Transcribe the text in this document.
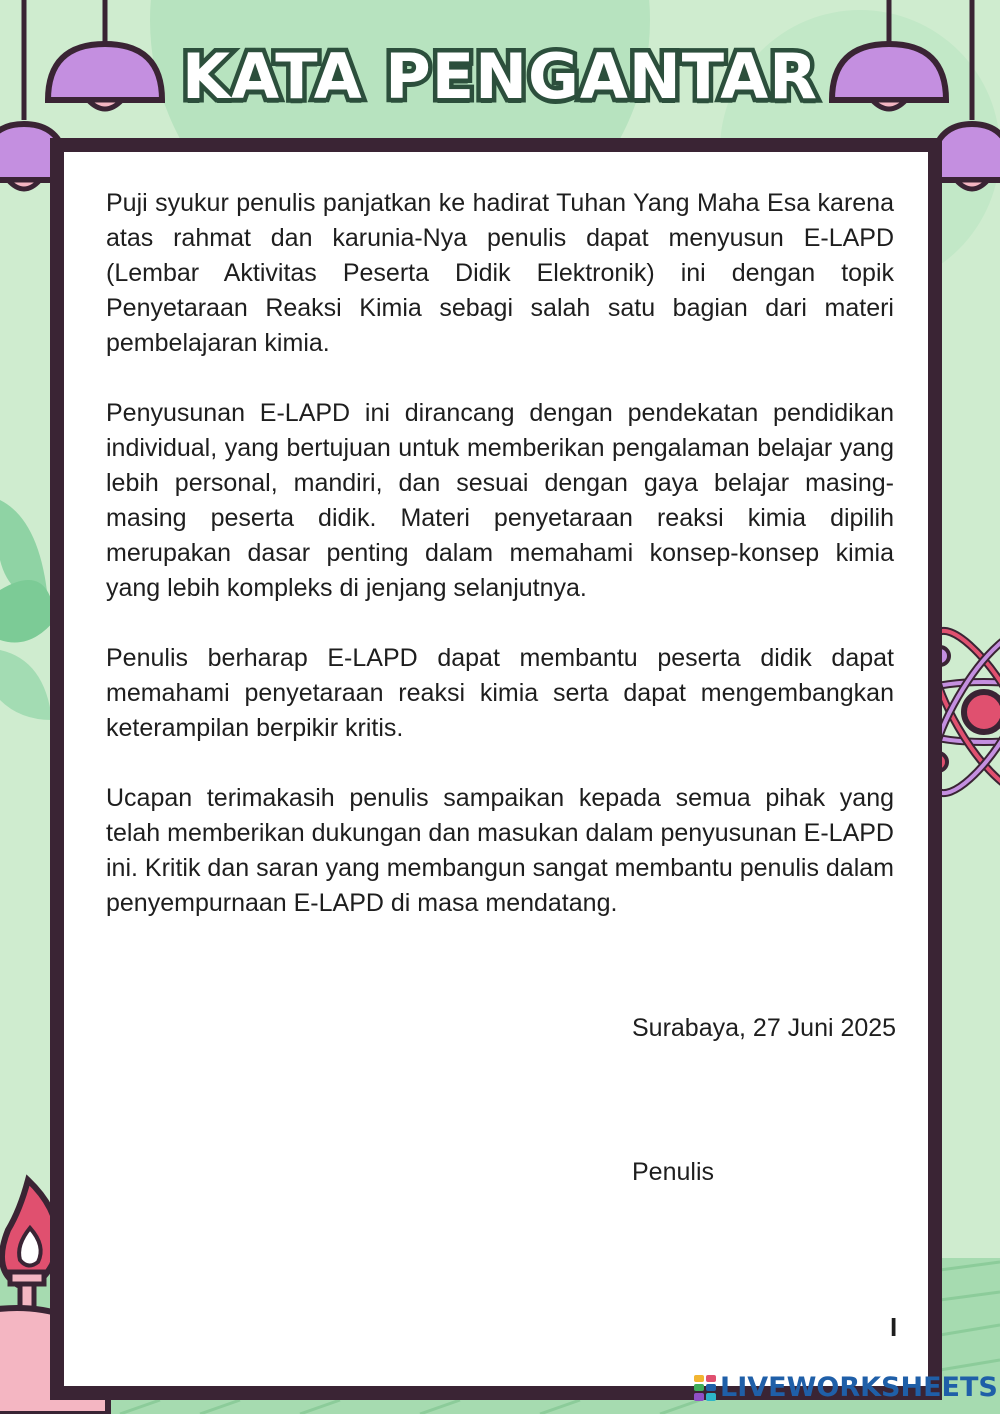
KATA PENGANTAR

Puji syukur penulis panjatkan ke hadirat Tuhan Yang Maha Esa karena atas rahmat dan karunia-Nya penulis dapat menyusun E-LAPD (Lembar Aktivitas Peserta Didik Elektronik) ini dengan topik Penyetaraan Reaksi Kimia sebagi salah satu bagian dari materi pembelajaran kimia.

Penyusunan E-LAPD ini dirancang dengan pendekatan pendidikan individual, yang bertujuan untuk memberikan pengalaman belajar yang lebih personal, mandiri, dan sesuai dengan gaya belajar masing-masing peserta didik. Materi penyetaraan reaksi kimia dipilih merupakan dasar penting dalam memahami konsep-konsep kimia yang lebih kompleks di jenjang selanjutnya.

Penulis berharap E-LAPD dapat membantu peserta didik dapat memahami penyetaraan reaksi kimia serta dapat mengembangkan keterampilan berpikir kritis.

Ucapan terimakasih penulis sampaikan kepada semua pihak yang telah memberikan dukungan dan masukan dalam penyusunan E-LAPD ini. Kritik dan saran yang membangun sangat membantu penulis dalam penyempurnaan E-LAPD di masa mendatang.

Surabaya, 27 Juni 2025
Penulis
I
LIVEWORKSHEETS
